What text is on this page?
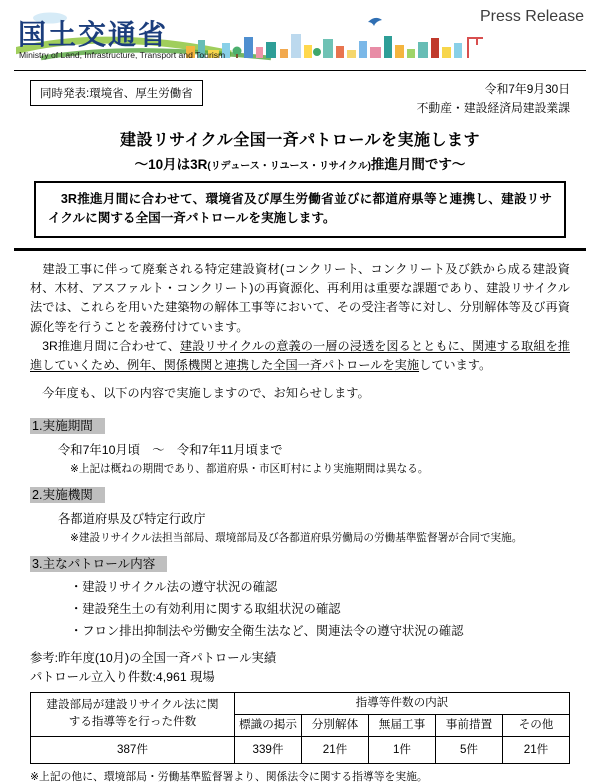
国土交通省
Ministry of Land, Infrastructure, Transport and Tourism
Press Release
同時発表:環境省、厚生労働省	令和7年9月30日
不動産・建設経済局建設業課
建設リサイクル全国一斉パトロールを実施します
〜10月は3R(リデュース・リユース・リサイクル)推進月間です〜
　3R推進月間に合わせて、環境省及び厚生労働省並びに都道府県等と連携し、建設リサイクルに関する全国一斉パトロールを実施します。

　建設工事に伴って廃棄される特定建設資材(コンクリート、コンクリート及び鉄から成る建設資材、木材、アスファルト・コンクリート)の再資源化、再利用は重要な課題であり、建設リサイクル法では、これらを用いた建築物の解体工事等において、その受注者等に対し、分別解体等及び再資源化等を行うことを義務付けています。

　3R推進月間に合わせて、建設リサイクルの意義の一層の浸透を図るとともに、関連する取組を推進していくため、例年、関係機関と連携した全国一斉パトロールを実施しています。

　今年度も、以下の内容で実施しますので、お知らせします。

1.実施期間
令和7年10月頃　〜　令和7年11月頃まで
※上記は概ねの期間であり、都道府県・市区町村により実施期間は異なる。
2.実施機関
各都道府県及び特定行政庁
※建設リサイクル法担当部局、環境部局及び各都道府県労働局の労働基準監督署が合同で実施。
3.主なパトロール内容
・建設リサイクル法の遵守状況の確認
・建設発生土の有効利用に関する取組状況の確認
・フロン排出抑制法や労働安全衛生法など、関連法令の遵守状況の確認
参考:昨年度(10月)の全国一斉パトロール実績
パトロール立入り件数:4,961 現場
建設部局が建設リサイクル法に関する指導等を行った件数	指導等件数の内訳				
	標識の掲示	分別解体	無届工事	事前措置	その他
387件	339件	21件	1件	5件	21件
※上記の他に、環境部局・労働基準監督署より、関係法令に関する指導等を実施。
